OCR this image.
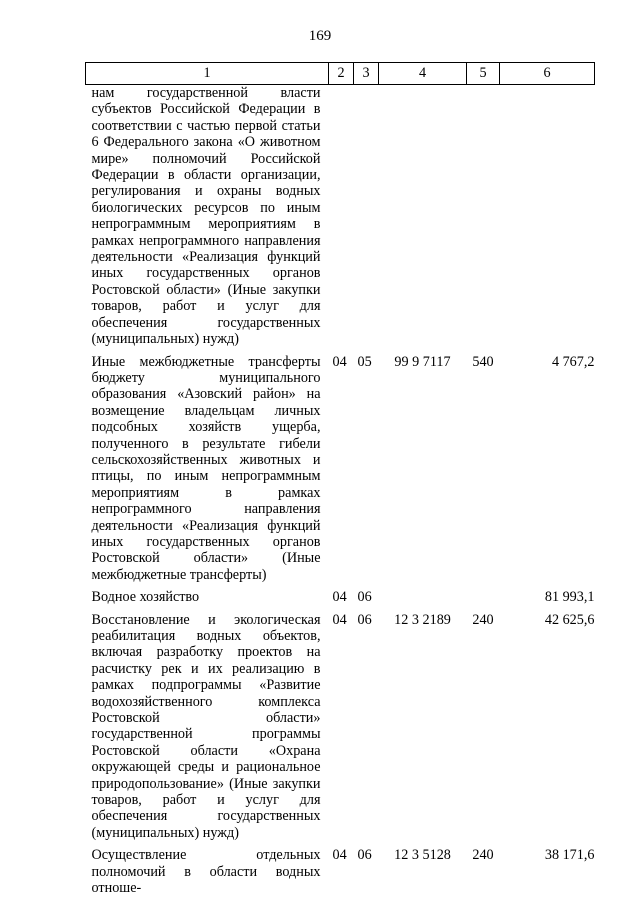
169
1	2	3	4	5	6
нам государственной власти субъектов Российской Федерации в соответствии с частью первой статьи 6 Федерального закона «О животном мире» полномочий Российской Федерации в области организации, регулирования и охраны водных биологических ресурсов по иным непрограммным мероприятиям в рамках непрограммного направления деятельности «Реализация функций иных государственных органов Ростовской области» (Иные закупки товаров, работ и услуг для обеспечения государственных (муниципальных) нужд)					

Иные межбюджетные трансферты бюджету муниципального образования «Азовский район» на возмещение владельцам личных подсобных хозяйств ущерба, полученного в результате гибели сельскохозяйственных животных и птицы, по иным непрограммным мероприятиям в рамках непрограммного направления деятельности «Реализация функций иных государственных органов Ростовской области» (Иные межбюджетные трансферты)	04	05	99 9 7117	540	4 767,2

Водное хозяйство	04	06			81 993,1

Восстановление и экологическая реабилитация водных объектов, включая разработку проектов на расчистку рек и их реализацию в рамках подпрограммы «Развитие водохозяйственного комплекса Ростовской области» государственной программы Ростовской области «Охрана окружающей среды и рациональное природопользование» (Иные закупки товаров, работ и услуг для обеспечения государственных (муниципальных) нужд)	04	06	12 3 2189	240	42 625,6

Осуществление отдельных полномочий в области водных отноше-	04	06	12 3 5128	240	38 171,6
